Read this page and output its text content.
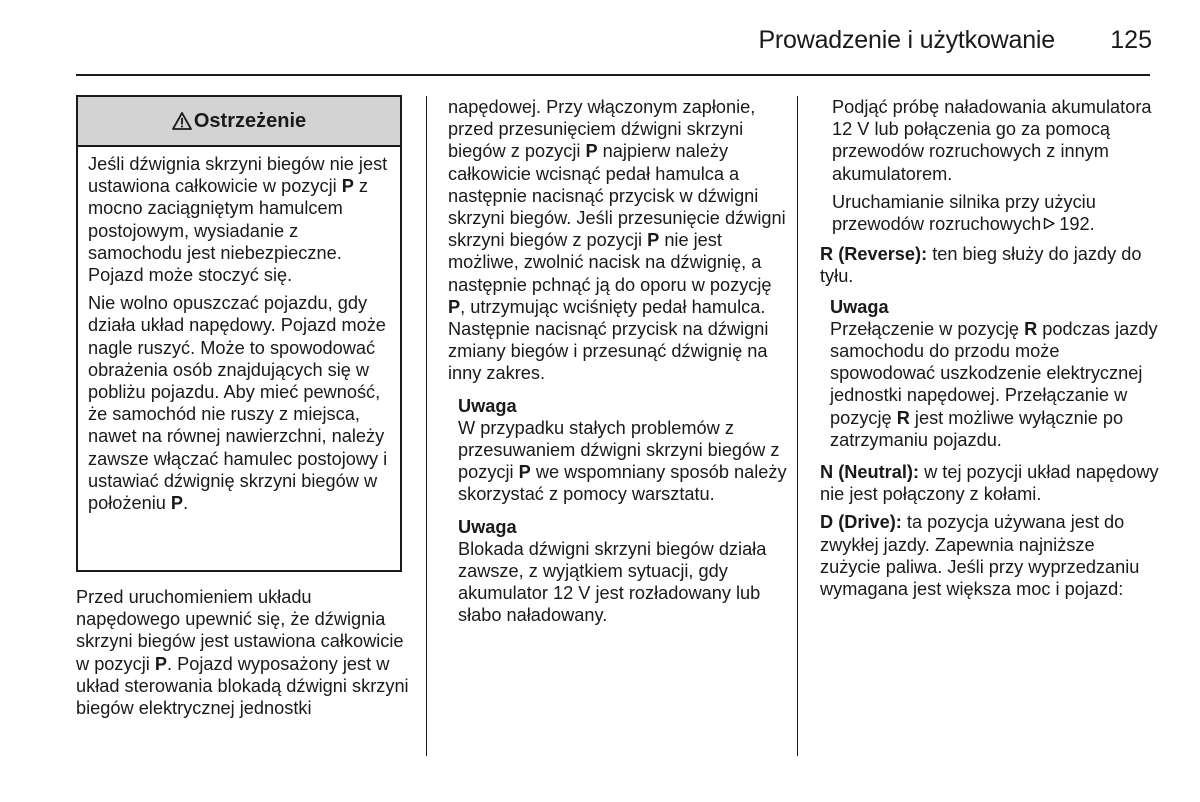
Prowadzenie i użytkowanie 125
Ostrzeżenie

Jeśli dźwignia skrzyni biegów nie jest ustawiona całkowicie w pozycji P z mocno zaciągniętym hamulcem postojowym, wysiadanie z samochodu jest niebezpieczne. Pojazd może stoczyć się.

Nie wolno opuszczać pojazdu, gdy działa układ napędowy. Pojazd może nagle ruszyć. Może to spowodować obrażenia osób znajdujących się w pobliżu pojazdu. Aby mieć pewność, że samochód nie ruszy z miejsca, nawet na równej nawierzchni, należy zawsze włączać hamulec postojowy i ustawiać dźwignię skrzyni biegów w położeniu P.

Przed uruchomieniem układu napędowego upewnić się, że dźwignia skrzyni biegów jest ustawiona całkowicie w pozycji P. Pojazd wyposażony jest w układ sterowania blokadą dźwigni skrzyni biegów elektrycznej jednostki

napędowej. Przy włączonym zapłonie, przed przesunięciem dźwigni skrzyni biegów z pozycji P najpierw należy całkowicie wcisnąć pedał hamulca a następnie nacisnąć przycisk w dźwigni skrzyni biegów. Jeśli przesunięcie dźwigni skrzyni biegów z pozycji P nie jest możliwe, zwolnić nacisk na dźwignię, a następnie pchnąć ją do oporu w pozycję P, utrzymując wciśnięty pedał hamulca. Następnie nacisnąć przycisk na dźwigni zmiany biegów i przesunąć dźwignię na inny zakres.

Uwaga

W przypadku stałych problemów z przesuwaniem dźwigni skrzyni biegów z pozycji P we wspomniany sposób należy skorzystać z pomocy warsztatu.

Uwaga

Blokada dźwigni skrzyni biegów działa zawsze, z wyjątkiem sytuacji, gdy akumulator 12 V jest rozładowany lub słabo naładowany.

Podjąć próbę naładowania akumulatora 12 V lub połączenia go za pomocą przewodów rozruchowych z innym akumulatorem.

Uruchamianie silnika przy użyciu przewodów rozruchowych 192.

R (Reverse): ten bieg służy do jazdy do tyłu.

Uwaga

Przełączenie w pozycję R podczas jazdy samochodu do przodu może spowodować uszkodzenie elektrycznej jednostki napędowej. Przełączanie w pozycję R jest możliwe wyłącznie po zatrzymaniu pojazdu.

N (Neutral): w tej pozycji układ napędowy nie jest połączony z kołami.

D (Drive): ta pozycja używana jest do zwykłej jazdy. Zapewnia najniższe zużycie paliwa. Jeśli przy wyprzedzaniu wymagana jest większa moc i pojazd:
